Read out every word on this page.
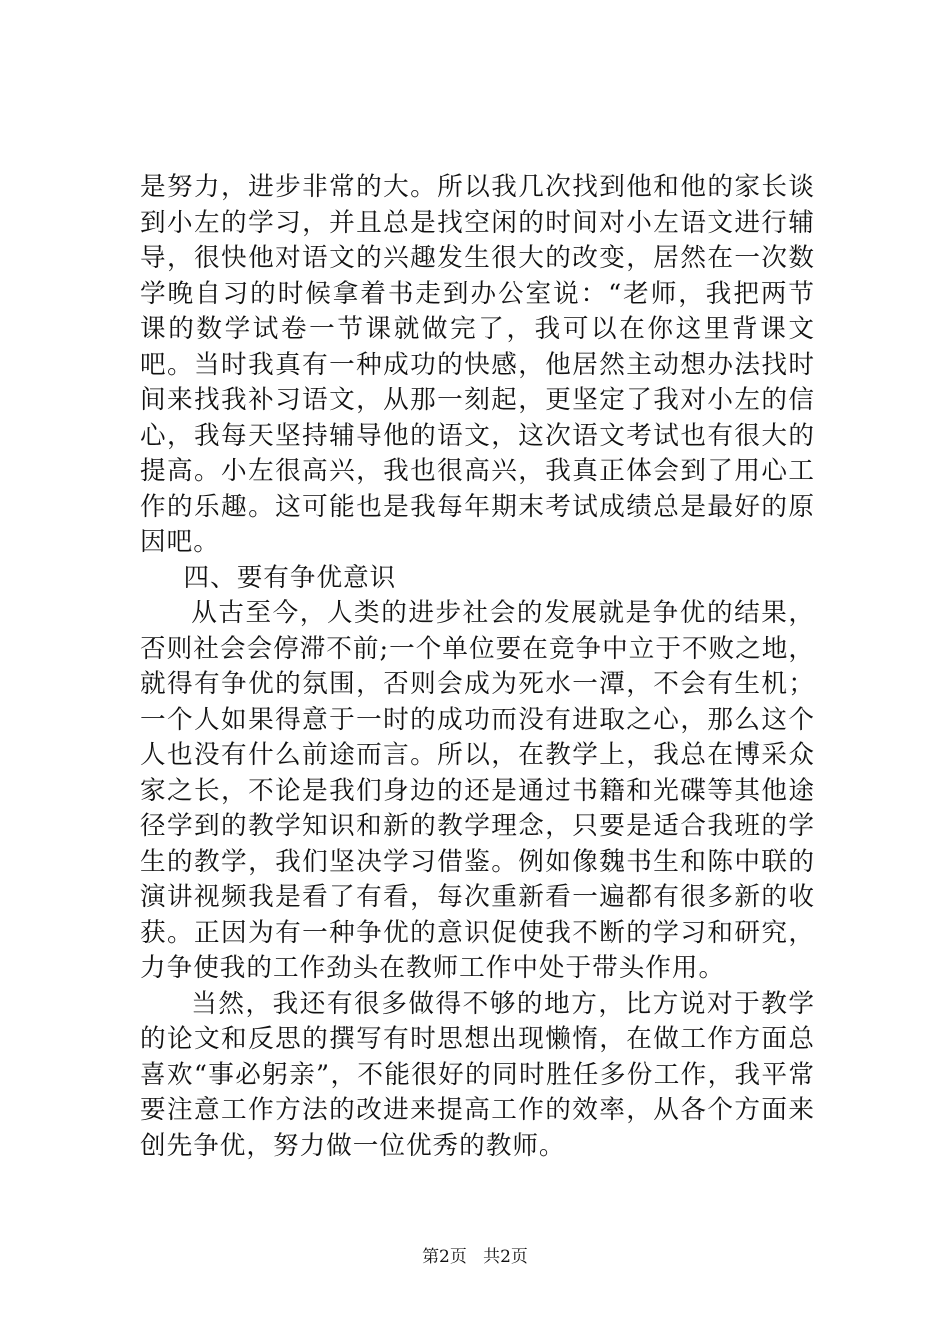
是努力，进步非常的大。所以我几次找到他和他的家长谈到小左的学习，并且总是找空闲的时间对小左语文进行辅导，很快他对语文的兴趣发生很大的改变，居然在一次数学晚自习的时候拿着书走到办公室说：“老师，我把两节课的数学试卷一节课就做完了，我可以在你这里背课文吧。当时我真有一种成功的快感，他居然主动想办法找时间来找我补习语文，从那一刻起，更坚定了我对小左的信心，我每天坚持辅导他的语文，这次语文考试也有很大的提高。小左很高兴，我也很高兴，我真正体会到了用心工作的乐趣。这可能也是我每年期末考试成绩总是最好的原因吧。

四、要有争优意识

从古至今，人类的进步社会的发展就是争优的结果，否则社会会停滞不前;一个单位要在竞争中立于不败之地，就得有争优的氛围，否则会成为死水一潭，不会有生机；一个人如果得意于一时的成功而没有进取之心，那么这个人也没有什么前途而言。所以，在教学上，我总在博采众家之长，不论是我们身边的还是通过书籍和光碟等其他途径学到的教学知识和新的教学理念，只要是适合我班的学生的教学，我们坚决学习借鉴。例如像魏书生和陈中联的演讲视频我是看了有看，每次重新看一遍都有很多新的收获。正因为有一种争优的意识促使我不断的学习和研究，力争使我的工作劲头在教师工作中处于带头作用。

当然，我还有很多做得不够的地方，比方说对于教学的论文和反思的撰写有时思想出现懒惰，在做工作方面总喜欢“事必躬亲”，不能很好的同时胜任多份工作，我平常要注意工作方法的改进来提高工作的效率，从各个方面来创先争优，努力做一位优秀的教师。

第2页 共2页
